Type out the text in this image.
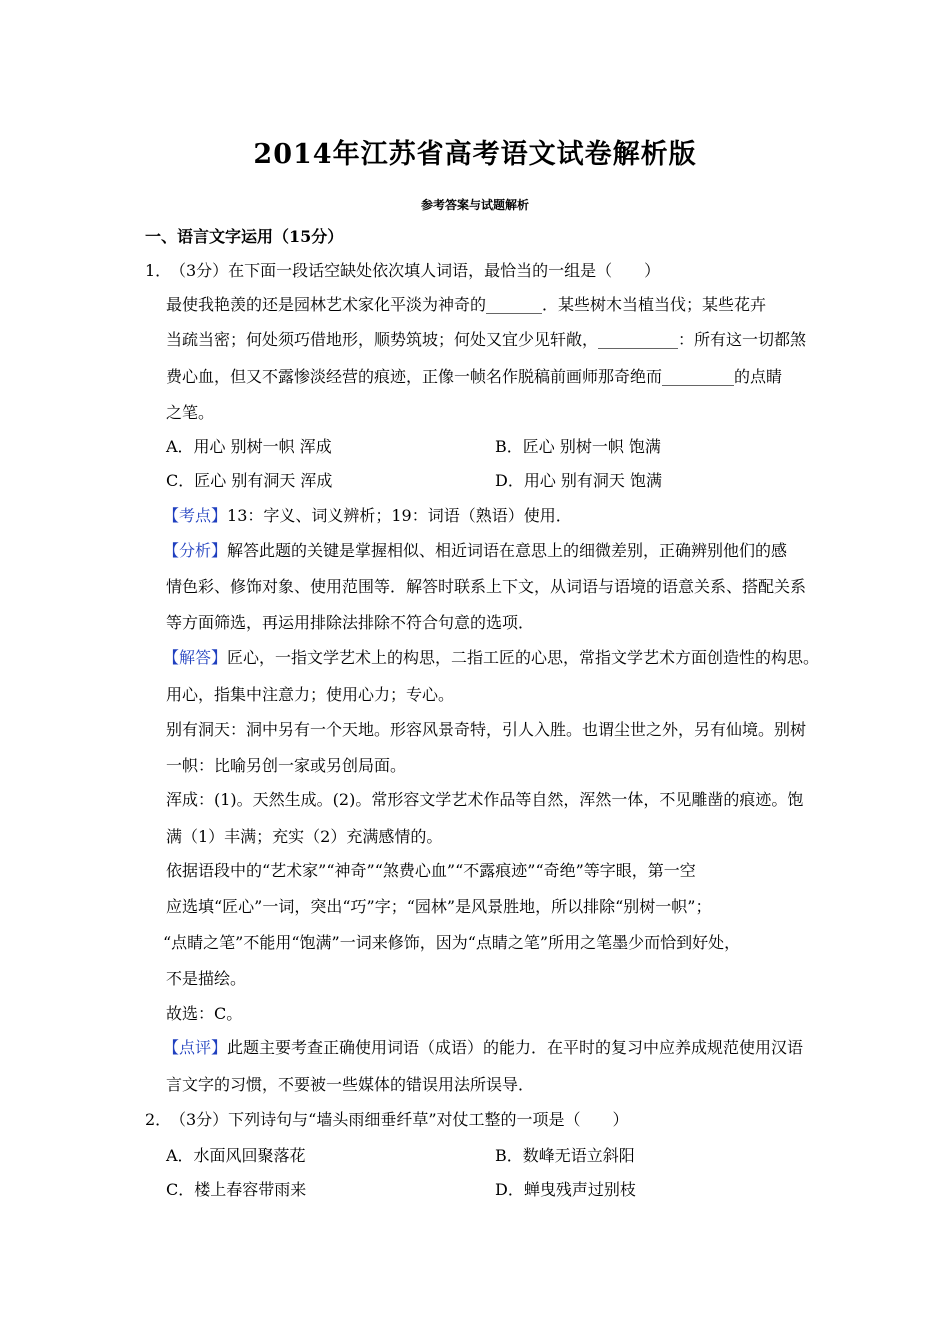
2014年江苏省高考语文试卷解析版
参考答案与试题解析
一、语言文字运用（15分）
1．
（3分）在下面一段话空缺处依次填人词语，最恰当的一组是（　　）
最使我艳羡的还是园林艺术家化平淡为神奇的_______．某些树木当植当伐；某些花卉
当疏当密；何处须巧借地形，顺势筑坡；何处又宜少见轩敞，__________：所有这一切都煞
费心血，但又不露惨淡经营的痕迹，正像一帧名作脱稿前画师那奇绝而_________的点睛
之笔。
A．用心 别树一帜 浑成	B．匠心 别树一帜 饱满
C．匠心 别有洞天 浑成	D．用心 别有洞天 饱满
【考点】13：字义、词义辨析；19：词语（熟语）使用．
【分析】解答此题的关键是掌握相似、相近词语在意思上的细微差别，正确辨别他们的感
情色彩、修饰对象、使用范围等．解答时联系上下文，从词语与语境的语意关系、搭配关系
等方面筛选，再运用排除法排除不符合句意的选项．
【解答】匠心，一指文学艺术上的构思，二指工匠的心思，常指文学艺术方面创造性的构思。
用心，指集中注意力；使用心力；专心。
别有洞天：洞中另有一个天地。形容风景奇特，引人入胜。也谓尘世之外，另有仙境。别树
一帜：比喻另创一家或另创局面。
浑成：(1)。天然生成。(2)。常形容文学艺术作品等自然，浑然一体，不见雕凿的痕迹。饱
满（1）丰满；充实（2）充满感情的。
依据语段中的“艺术家”“神奇”“煞费心血”“不露痕迹”“奇绝”等字眼，第一空
应选填“匠心”一词，突出“巧”字；“园林”是风景胜地，所以排除“别树一帜”；
“点睛之笔”不能用“饱满”一词来修饰，因为“点睛之笔”所用之笔墨少而恰到好处，
不是描绘。
故选：C。
【点评】此题主要考查正确使用词语（成语）的能力．在平时的复习中应养成规范使用汉语
言文字的习惯，不要被一些媒体的错误用法所误导．
2．
（3分）下列诗句与“墙头雨细垂纤草”对仗工整的一项是（　　）
A．水面风回聚落花	B．数峰无语立斜阳
C．楼上春容带雨来	D．蝉曳残声过别枝
